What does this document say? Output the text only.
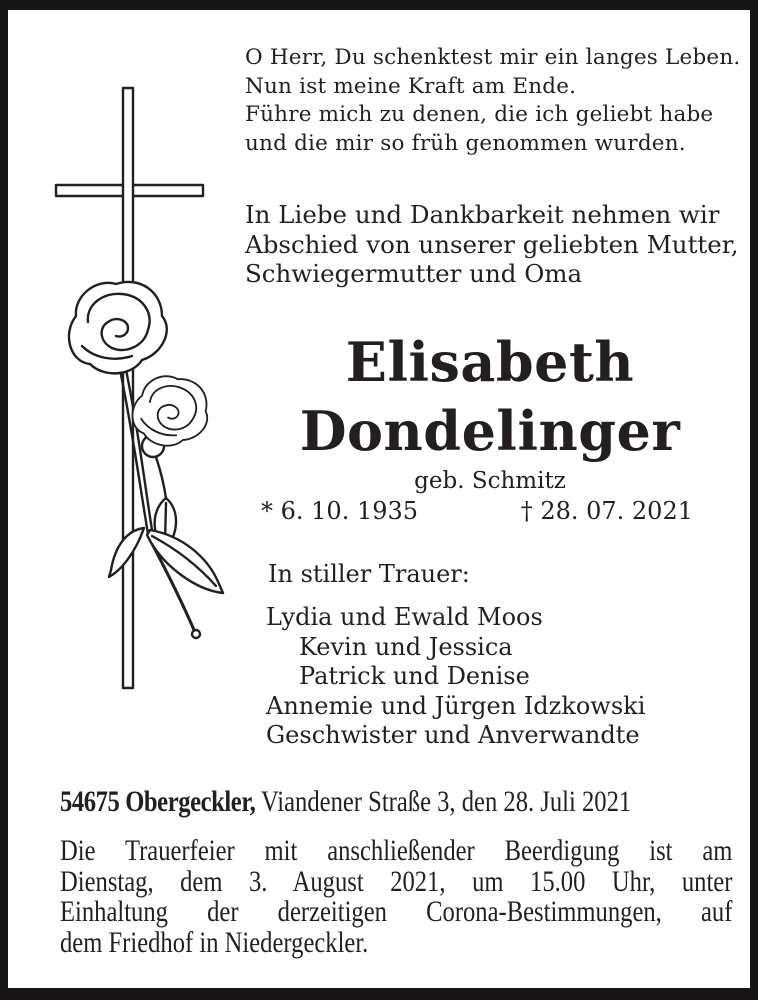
O Herr, Du schenktest mir ein langes Leben.
Nun ist meine Kraft am Ende.
Führe mich zu denen, die ich geliebt habe
und die mir so früh genommen wurden.
In Liebe und Dankbarkeit nehmen wir
Abschied von unserer geliebten Mutter,
Schwiegermutter und Oma
Elisabeth
Dondelinger
geb. Schmitz
* 6. 10. 1935	† 28. 07. 2021
In stiller Trauer:
Lydia und Ewald Moos
Kevin und Jessica
Patrick und Denise
Annemie und Jürgen Idzkowski
Geschwister und Anverwandte
54675 Obergeckler, Viandener Straße 3, den 28. Juli 2021
Die Trauerfeier mit anschließender Beerdigung ist am
Dienstag, dem 3. August 2021, um 15.00 Uhr, unter
Einhaltung der derzeitigen Corona-Bestimmungen, auf
dem Friedhof in Niedergeckler.
